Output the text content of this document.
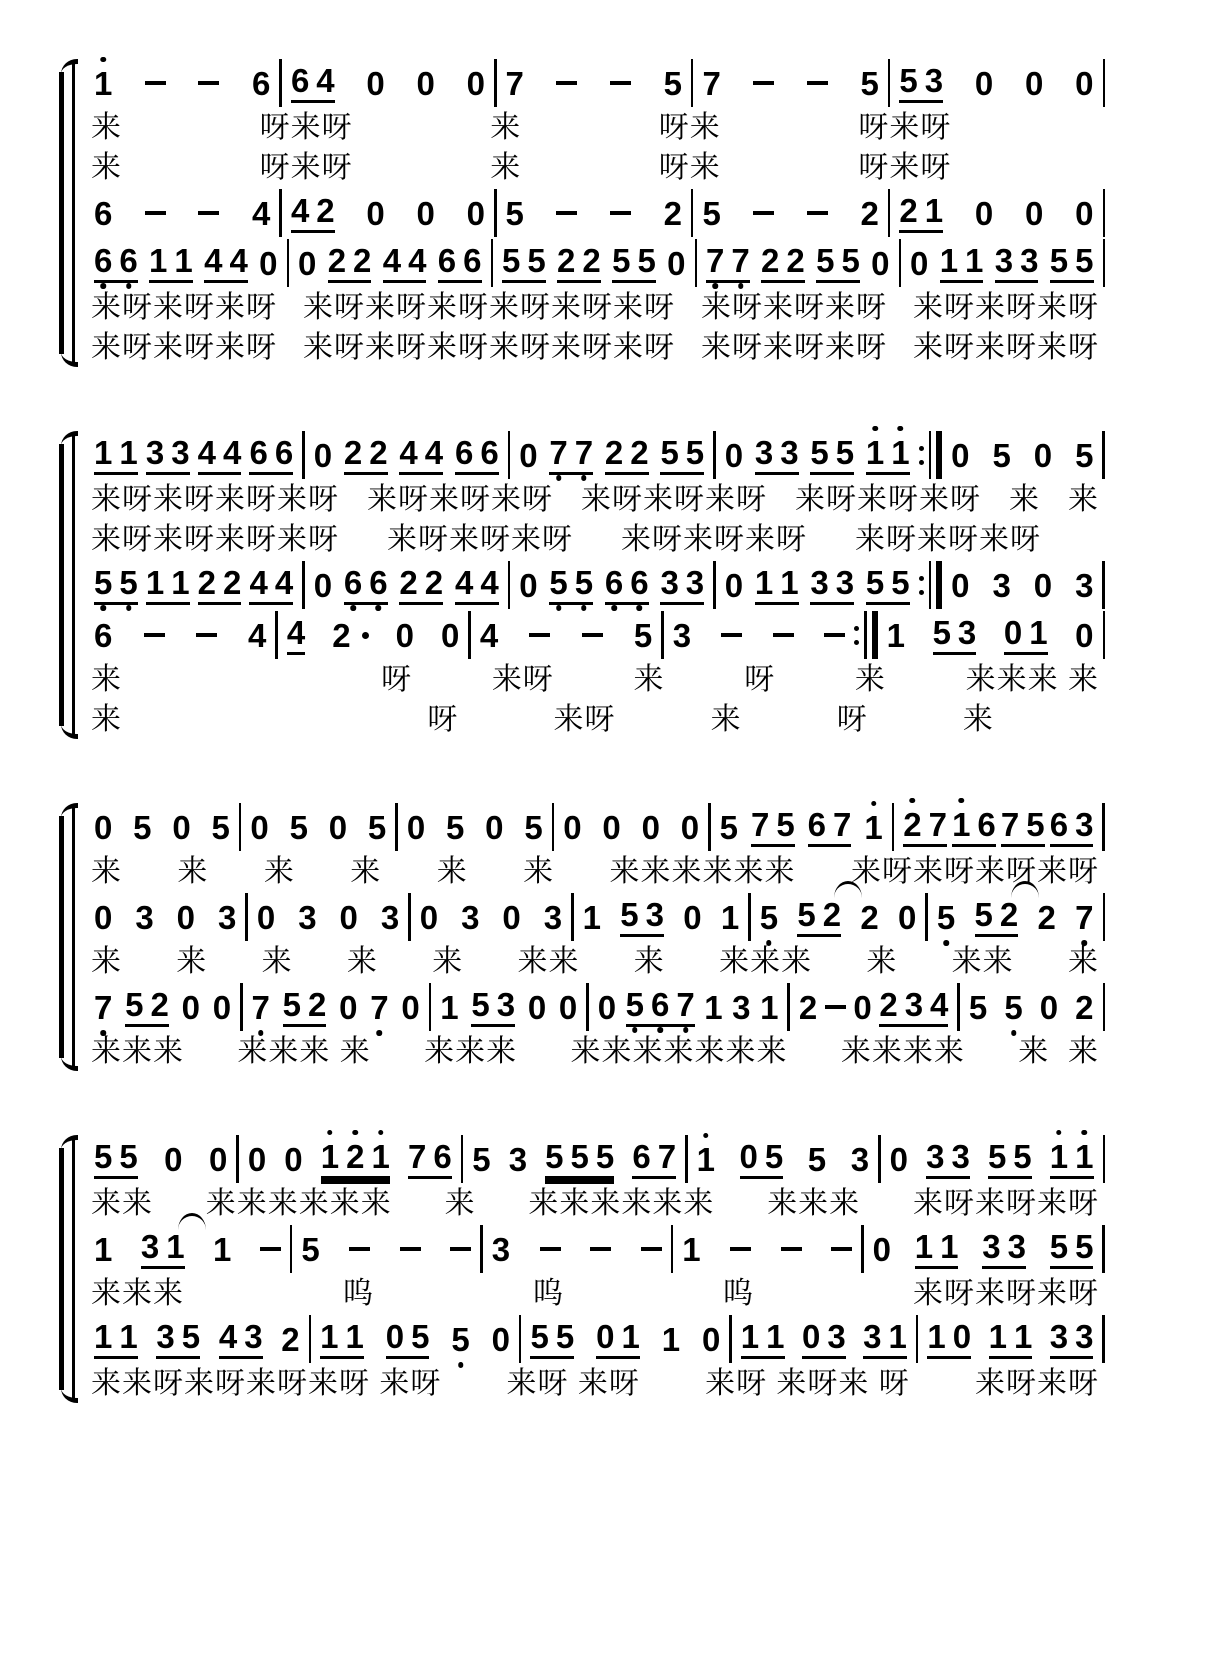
1	6 6 4 0 0 0 7	5 7	5 5 3 0 0 0
来	呀来呀	来	呀来	呀来呀
来	呀来呀	来	呀来	呀来呀
6	4 4 2 0 0 0 5	2 5	2 2 1 0 0 0
6 6 1 1 4 4 0 0 2 2 4 4 6 6 5 5 2 2 5 5 0 7 7 2 2 5 5 0 0 1 1 3 3 5 5
来呀来呀来呀 来呀来呀来呀来呀来呀来呀 来呀来呀来呀 来呀来呀来呀
来呀来呀来呀 来呀来呀来呀来呀来呀来呀 来呀来呀来呀 来呀来呀来呀
1 1 3 3 4 4 6 6 0 2 2 4 4 6 6 0 7 7 2 2 5 5 0 3 3 5 5 1 1 0 5 0 5
来呀来呀来呀来呀 来呀来呀来呀 来呀来呀来呀 来呀来呀来呀 来 来
来呀来呀来呀来呀 来呀来呀来呀 来呀来呀来呀 来呀来呀来呀
5 5 1 1 2 2 4 4 0 6 6 2 2 4 4 0 5 5 6 6 3 3 0 1 1 3 3 5 5 0 3 0 3
6	4 4 2 0 0 4	5 3	1 5 3 0 1 0
来	呀	来呀	来	呀	来	来来来 来
来	呀	来呀	来	呀	来
0 5 0 5 0 5 0 5 0 5 0 5 0 0 0 0 5 7 5 6 7 1 2 7 1 6 7 5 6 3
来 来 来 来 来 来 来来来来来来 来呀来呀来呀来呀
0 3 0 3 0 3 0 3 0 3 0 3 1 5 3 0 1 5 5 2 2 0 5 5 2 2 7
来 来 来 来 来 来来 来 来来来 来 来来 来
7 5 2 0 0 7 5 2 0 7 0 1 5 3 0 0 0 5 6 7 1 3 1 2 0 2 3 4 5 5 0 2
来来来 来来来 来 来来来 来来来来来来来 来来来来 来  来
5 5 0 0 0 0 1 2 1 7 6 5 3 5 5 5 6 7 1 0 5 5 3 0 3 3 5 5 1 1
来来 来来来来来来 来 来来来来来来 来来来 来呀来呀来呀
1 3 1 1 5	3	1	0 1 1 3 3 5 5
来来来	呜	呜	呜	来呀来呀来呀
1 1 3 5 4 3 2 1 1 0 5 5 0 5 5 0 1 1 0 1 1 0 3 3 1 1 0 1 1 3 3
来来呀来呀来呀来呀 来呀 来呀 来呀 来呀 来呀来 呀 来呀来呀
